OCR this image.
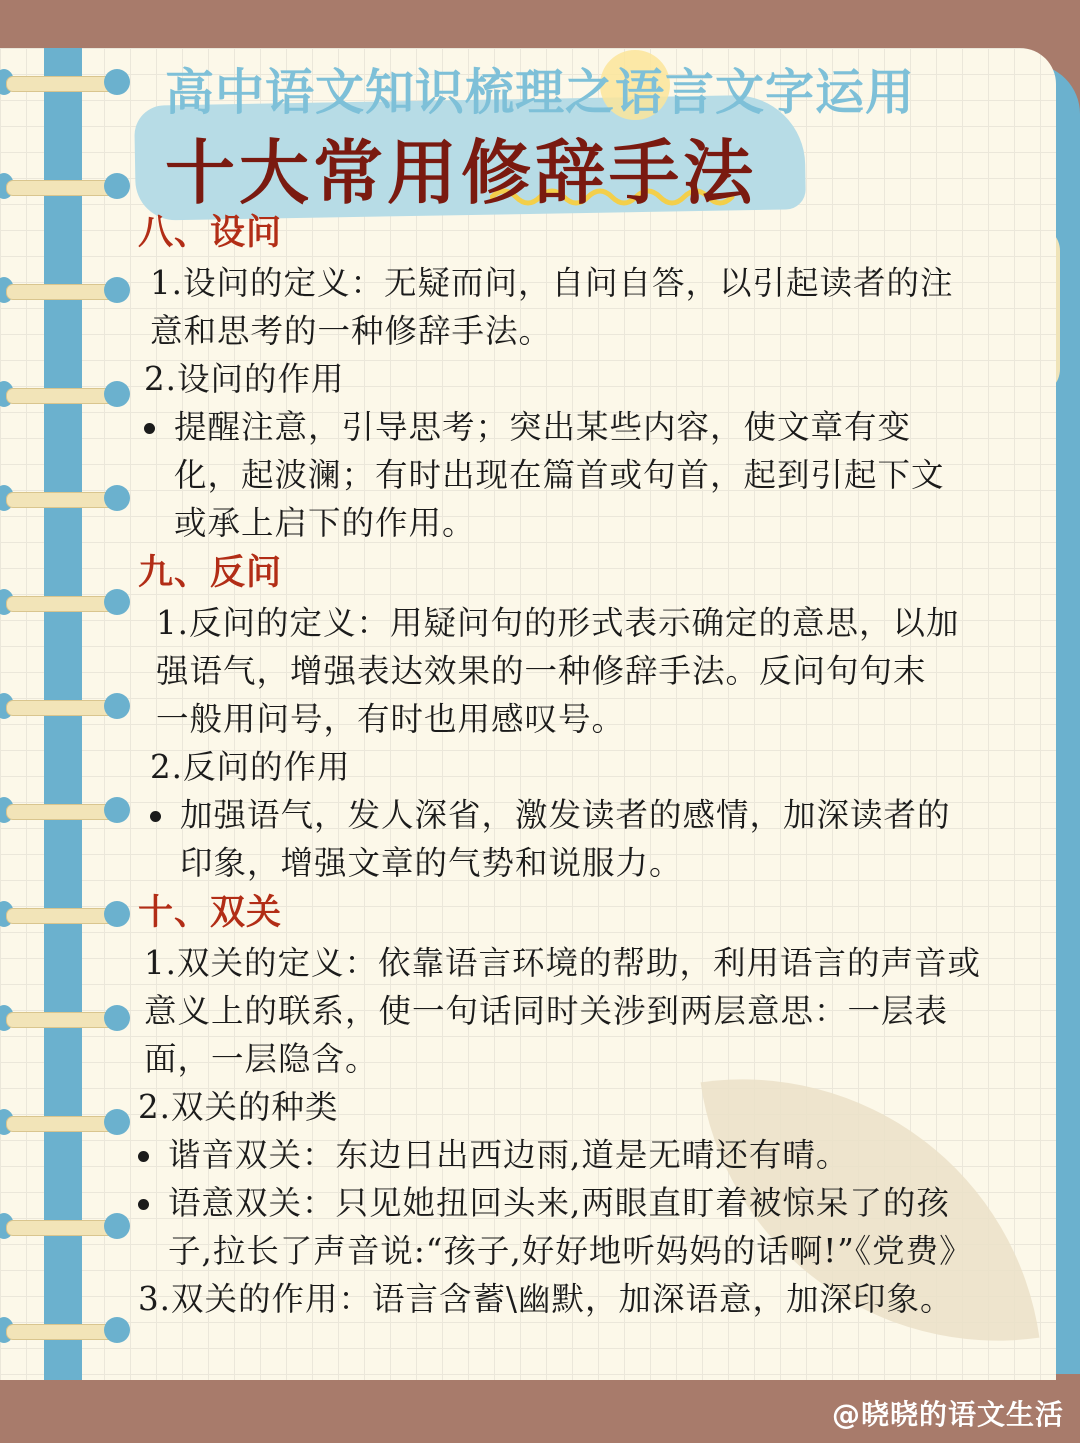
高中语文知识梳理之语言文字运用
十大常用修辞手法
八、设问
1.设问的定义：无疑而问，自问自答，以引起读者的注
意和思考的一种修辞手法。
2.设问的作用
提醒注意，引导思考；突出某些内容，使文章有变
化，起波澜；有时出现在篇首或句首，起到引起下文
或承上启下的作用。
九、反问
1.反问的定义：用疑问句的形式表示确定的意思，以加
强语气，增强表达效果的一种修辞手法。反问句句末
一般用问号，有时也用感叹号。
2.反问的作用
加强语气，发人深省，激发读者的感情，加深读者的
印象，增强文章的气势和说服力。
十、双关
1.双关的定义：依靠语言环境的帮助，利用语言的声音或
意义上的联系，使一句话同时关涉到两层意思：一层表
面，一层隐含。
2.双关的种类
谐音双关：东边日出西边雨,道是无晴还有晴。
语意双关：只见她扭回头来,两眼直盯着被惊呆了的孩
子,拉长了声音说:“孩子,好好地听妈妈的话啊!”《党费》
3.双关的作用：语言含蓄\幽默，加深语意，加深印象。
@晓晓的语文生活
